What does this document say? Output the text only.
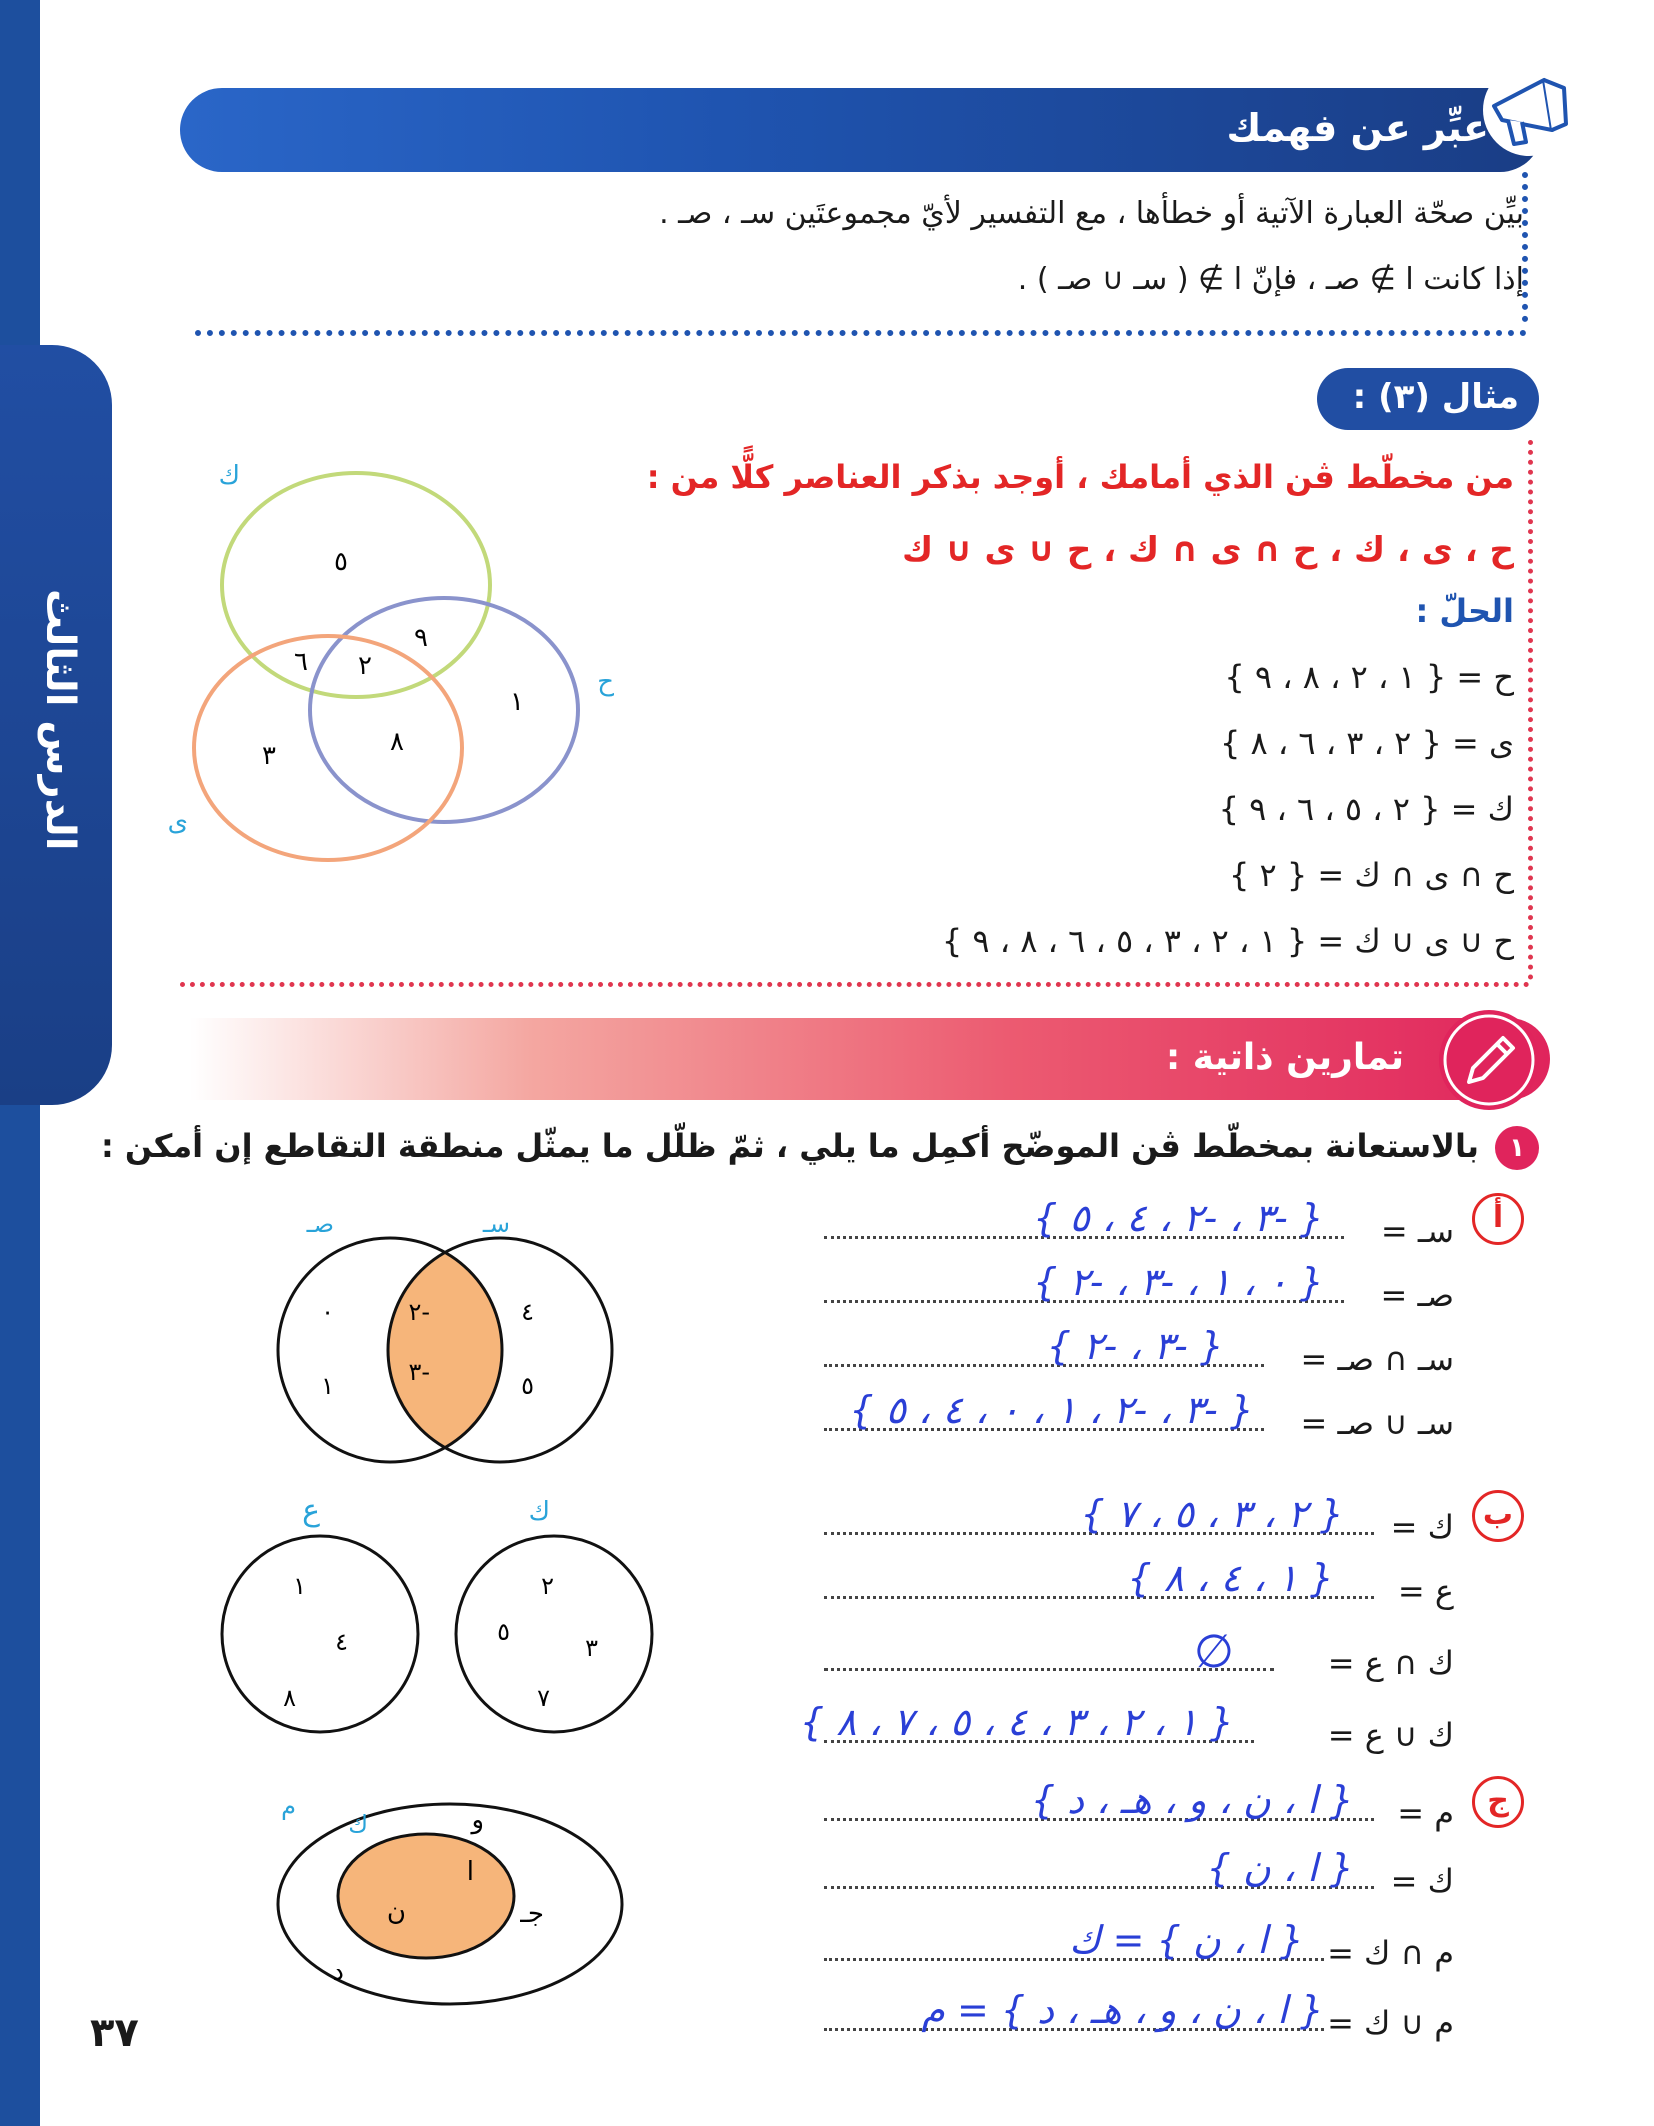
الدرس الثالث
عبِّر عن فهمك
بيِّن صحّة العبارة الآتية أو خطأها ، مع التفسير لأيّ مجموعتَين سـ ، صـ .
إذا كانت ا ∌ صـ ، فإنّ ا ∌ ( سـ ∪ صـ ) .
مثال (٣) :
من مخطّط ڤن الذي أمامك ، أوجد بذكر العناصر كلًّا من :
ح ، ى ، ك ، ح ∩ ى ∩ ك ، ح ∪ ى ∪ ك
الحلّ :
ح = { ١ ، ٢ ، ٨ ، ٩ }
ى = { ٢ ، ٣ ، ٦ ، ٨ }
ك = { ٢ ، ٥ ، ٦ ، ٩ }
ح ∩ ى ∩ ك = { ٢ }
ح ∪ ى ∪ ك = { ١ ، ٢ ، ٣ ، ٥ ، ٦ ، ٨ ، ٩ }
ك
ح
ى
٥
٩
٦ ٢
١
٣	٨
تمارين ذاتية :
١
بالاستعانة بمخطّط ڤن الموضّح أكمِل ما يلي ، ثمّ ظلّل ما يمثّل منطقة التقاطع إن أمكن :
أ
سـ =
{ -٣ ، -٢ ، ٤ ، ٥ }
صـ =
{ ٠ ، ١ ، -٣ ، -٢ }
سـ ∩ صـ =
{ -٣ ، -٢ }
سـ ∪ صـ =
{ -٣ ، -٢ ، ١ ، ٠ ، ٤ ، ٥ }
صـ	سـ
٠
١
-٢
-٣
٤
٥
ب
ك =
{ ٢ ، ٣ ، ٥ ، ٧ }
ع =
{ ١ ، ٤ ، ٨ }
ك ∩ ع =
∅
ك ∪ ع =
{ ١ ، ٢ ، ٣ ، ٤ ، ٥ ، ٧ ، ٨ }
ع	ك
١
٤
٨
٢
٥
٣
٧
ج
م =
{ ا ، ن ، و ، هـ ، د }
ك =
{ ا ، ن }
م ∩ ك =
{ ا ، ن } = ك
م ∪ ك =
{ ا ، ن ، و ، هـ ، د } = م
م
ك	و
جـ
د
ا
ن
٣٧
